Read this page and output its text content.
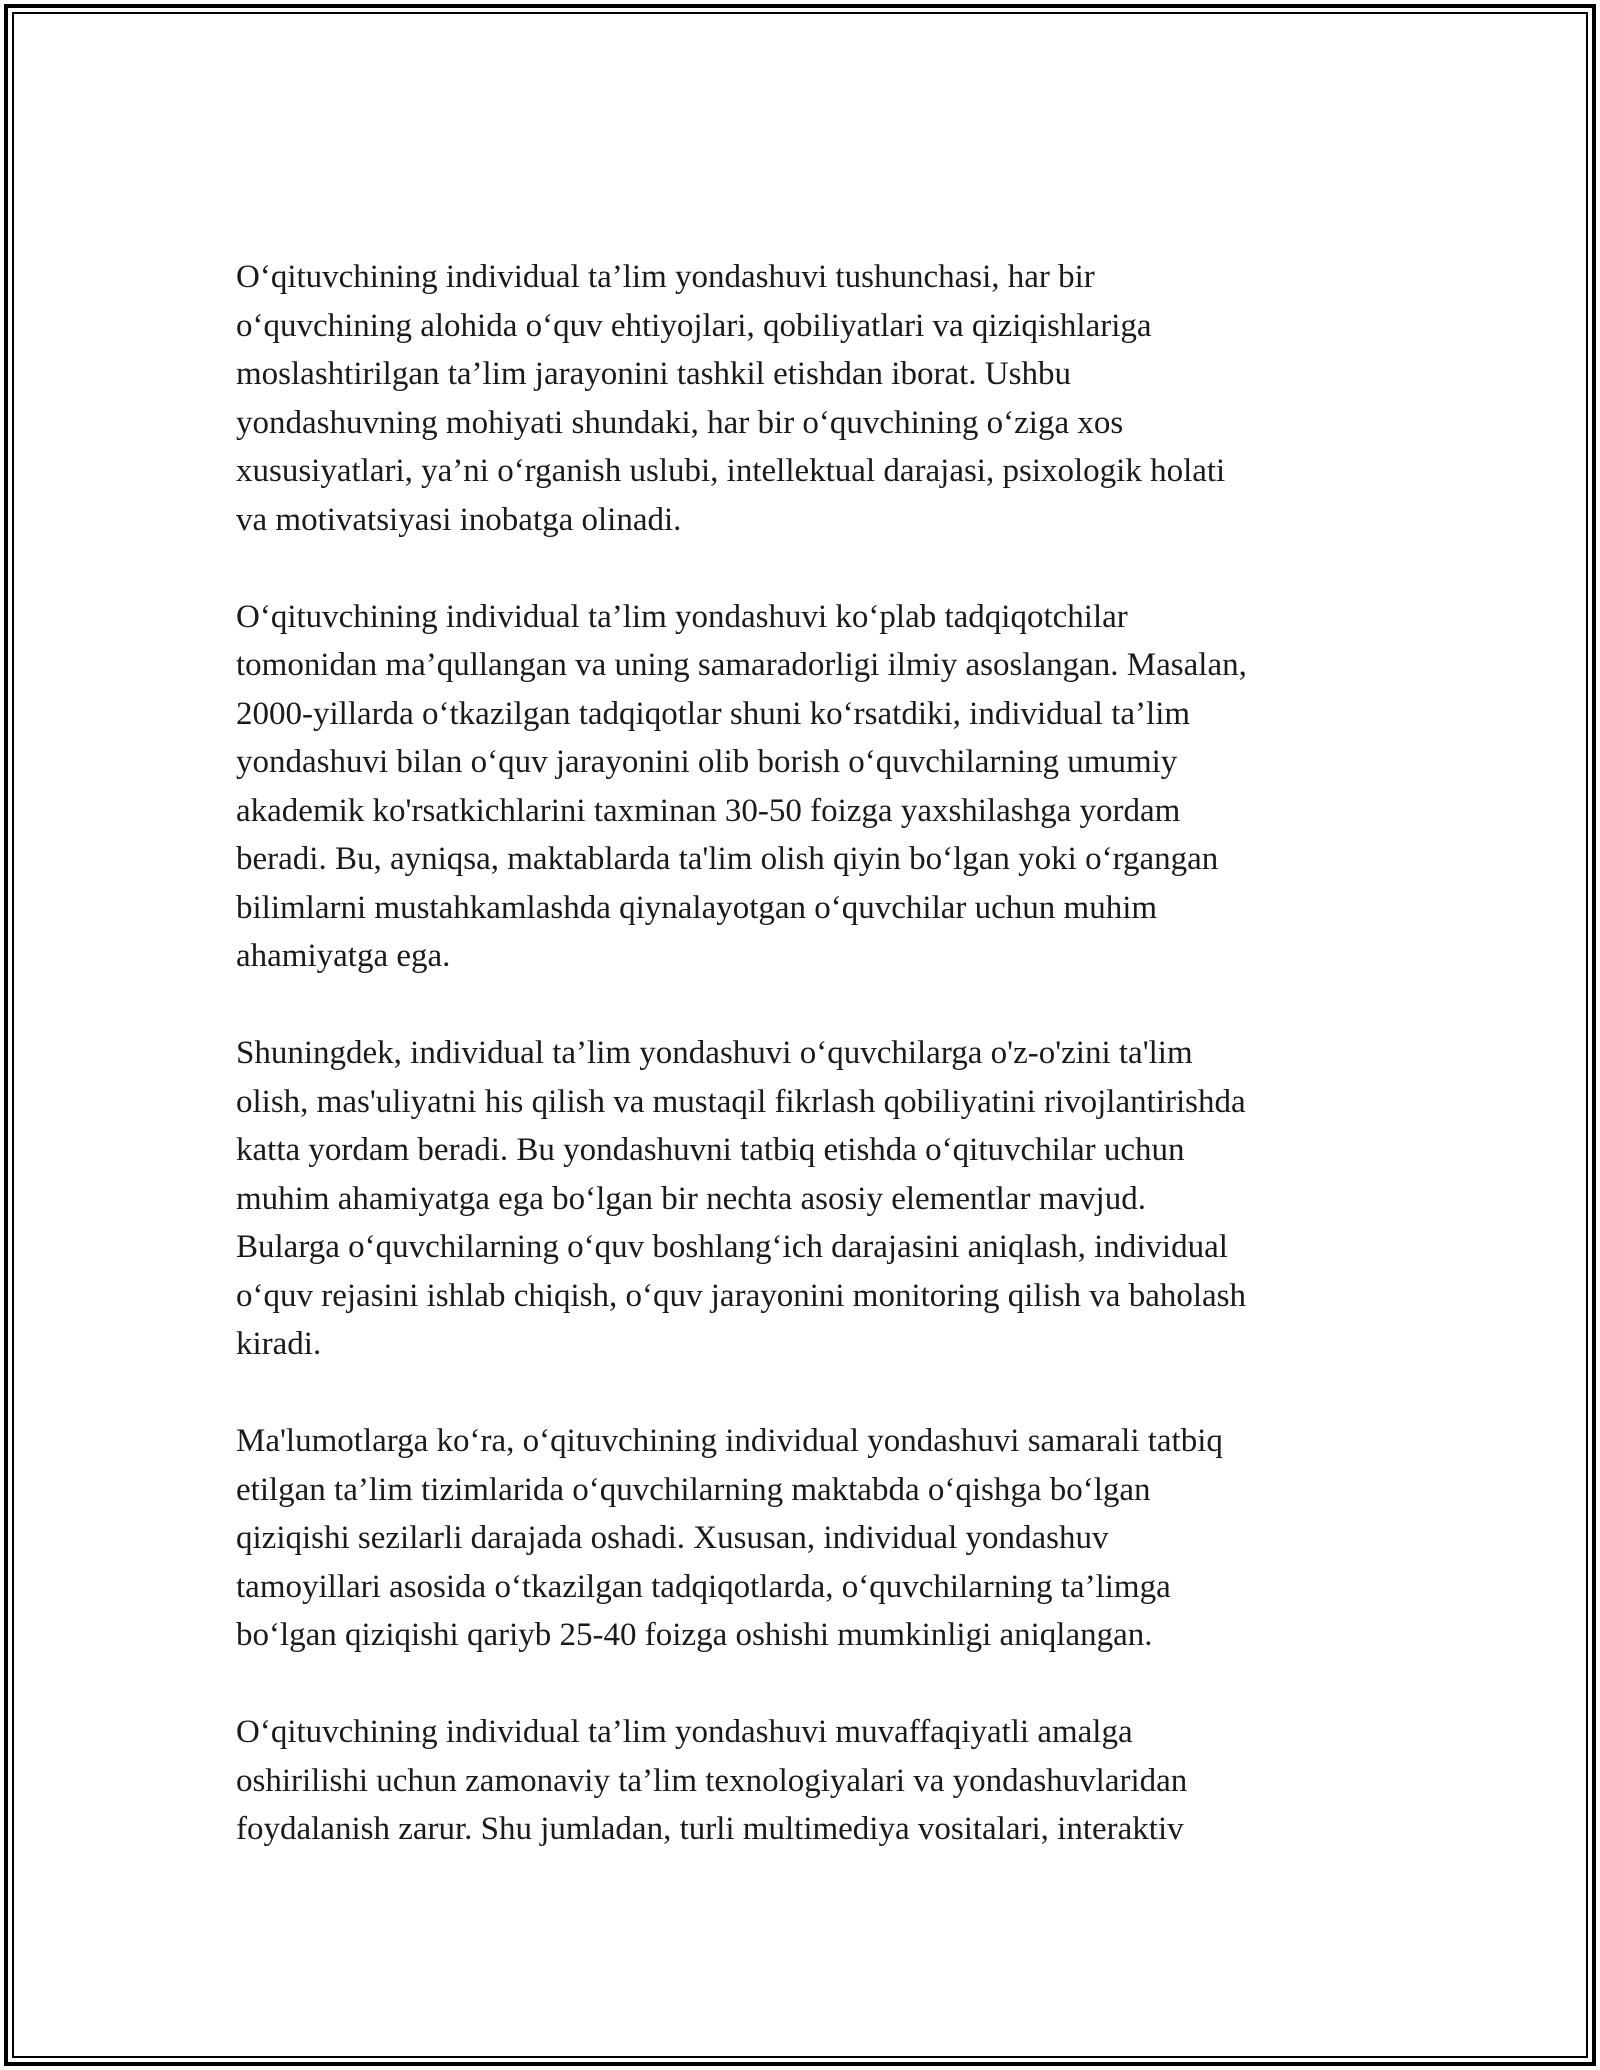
O‘qituvchining individual ta’lim yondashuvi tushunchasi, har bir
o‘quvchining alohida o‘quv ehtiyojlari, qobiliyatlari va qiziqishlariga
moslashtirilgan ta’lim jarayonini tashkil etishdan iborat. Ushbu
yondashuvning mohiyati shundaki, har bir o‘quvchining o‘ziga xos
xususiyatlari, ya’ni o‘rganish uslubi, intellektual darajasi, psixologik holati
va motivatsiyasi inobatga olinadi.

O‘qituvchining individual ta’lim yondashuvi ko‘plab tadqiqotchilar
tomonidan ma’qullangan va uning samaradorligi ilmiy asoslangan. Masalan,
2000-yillarda o‘tkazilgan tadqiqotlar shuni ko‘rsatdiki, individual ta’lim
yondashuvi bilan o‘quv jarayonini olib borish o‘quvchilarning umumiy
akademik ko'rsatkichlarini taxminan 30-50 foizga yaxshilashga yordam
beradi. Bu, ayniqsa, maktablarda ta'lim olish qiyin bo‘lgan yoki o‘rgangan
bilimlarni mustahkamlashda qiynalayotgan o‘quvchilar uchun muhim
ahamiyatga ega.

Shuningdek, individual ta’lim yondashuvi o‘quvchilarga o'z-o'zini ta'lim
olish, mas'uliyatni his qilish va mustaqil fikrlash qobiliyatini rivojlantirishda
katta yordam beradi. Bu yondashuvni tatbiq etishda o‘qituvchilar uchun
muhim ahamiyatga ega bo‘lgan bir nechta asosiy elementlar mavjud.
Bularga o‘quvchilarning o‘quv boshlang‘ich darajasini aniqlash, individual
o‘quv rejasini ishlab chiqish, o‘quv jarayonini monitoring qilish va baholash
kiradi.

Ma'lumotlarga ko‘ra, o‘qituvchining individual yondashuvi samarali tatbiq
etilgan ta’lim tizimlarida o‘quvchilarning maktabda o‘qishga bo‘lgan
qiziqishi sezilarli darajada oshadi. Xususan, individual yondashuv
tamoyillari asosida o‘tkazilgan tadqiqotlarda, o‘quvchilarning ta’limga
bo‘lgan qiziqishi qariyb 25-40 foizga oshishi mumkinligi aniqlangan.

O‘qituvchining individual ta’lim yondashuvi muvaffaqiyatli amalga
oshirilishi uchun zamonaviy ta’lim texnologiyalari va yondashuvlaridan
foydalanish zarur. Shu jumladan, turli multimediya vositalari, interaktiv
